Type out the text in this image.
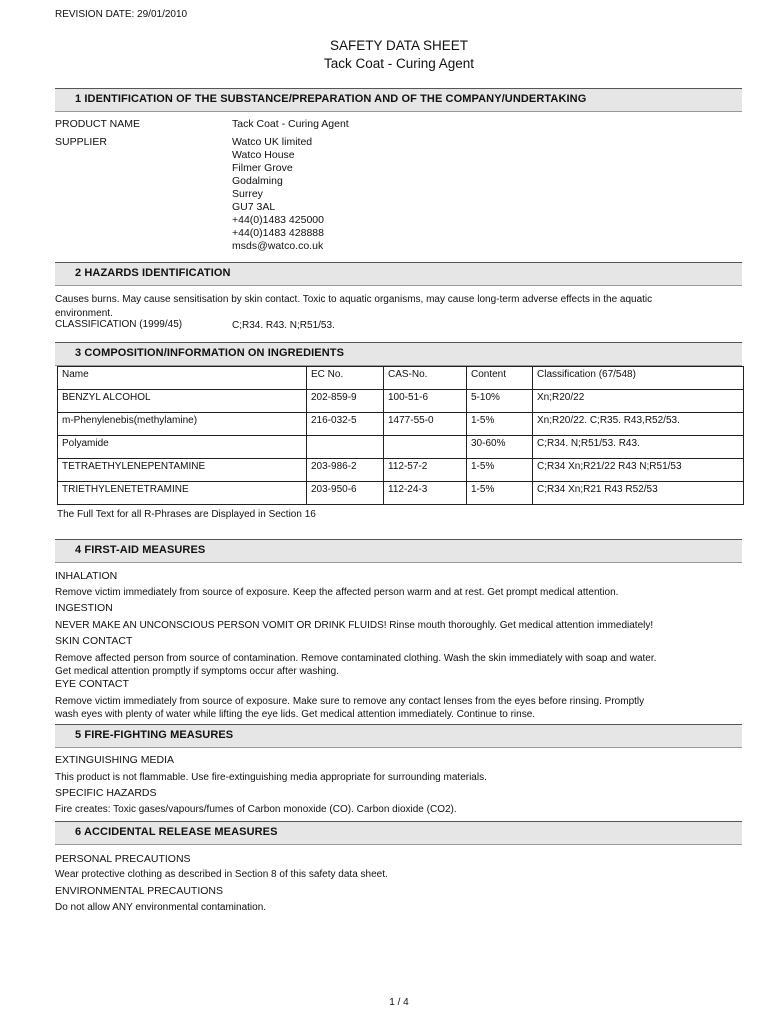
REVISION DATE: 29/01/2010
SAFETY DATA SHEET
Tack Coat - Curing Agent
1 IDENTIFICATION OF THE SUBSTANCE/PREPARATION AND OF THE COMPANY/UNDERTAKING
PRODUCT NAME	Tack Coat - Curing Agent
SUPPLIER	Watco UK limited
Watco House
Filmer Grove
Godalming
Surrey
GU7 3AL
+44(0)1483 425000
+44(0)1483 428888
msds@watco.co.uk
2 HAZARDS IDENTIFICATION
Causes burns. May cause sensitisation by skin contact. Toxic to aquatic organisms, may cause long-term adverse effects in the aquatic environment.
CLASSIFICATION (1999/45)	C;R34. R43. N;R51/53.
3 COMPOSITION/INFORMATION ON INGREDIENTS
Name	EC No.	CAS-No.	Content	Classification (67/548)
BENZYL ALCOHOL	202-859-9	100-51-6	5-10%	Xn;R20/22
m-Phenylenebis(methylamine)	216-032-5	1477-55-0	1-5%	Xn;R20/22. C;R35. R43,R52/53.
Polyamide			30-60%	C;R34. N;R51/53. R43.
TETRAETHYLENEPENTAMINE	203-986-2	112-57-2	1-5%	C;R34 Xn;R21/22 R43 N;R51/53
TRIETHYLENETETRAMINE	203-950-6	112-24-3	1-5%	C;R34 Xn;R21 R43 R52/53
The Full Text for all R-Phrases are Displayed in Section 16
4 FIRST-AID MEASURES
INHALATION
Remove victim immediately from source of exposure. Keep the affected person warm and at rest. Get prompt medical attention.
INGESTION
NEVER MAKE AN UNCONSCIOUS PERSON VOMIT OR DRINK FLUIDS! Rinse mouth thoroughly. Get medical attention immediately!
SKIN CONTACT
Remove affected person from source of contamination. Remove contaminated clothing. Wash the skin immediately with soap and water.
Get medical attention promptly if symptoms occur after washing.
EYE CONTACT
Remove victim immediately from source of exposure. Make sure to remove any contact lenses from the eyes before rinsing. Promptly
wash eyes with plenty of water while lifting the eye lids. Get medical attention immediately. Continue to rinse.
5 FIRE-FIGHTING MEASURES
EXTINGUISHING MEDIA
This product is not flammable. Use fire-extinguishing media appropriate for surrounding materials.
SPECIFIC HAZARDS
Fire creates: Toxic gases/vapours/fumes of Carbon monoxide (CO). Carbon dioxide (CO2).
6 ACCIDENTAL RELEASE MEASURES
PERSONAL PRECAUTIONS
Wear protective clothing as described in Section 8 of this safety data sheet.
ENVIRONMENTAL PRECAUTIONS
Do not allow ANY environmental contamination.
1 / 4
